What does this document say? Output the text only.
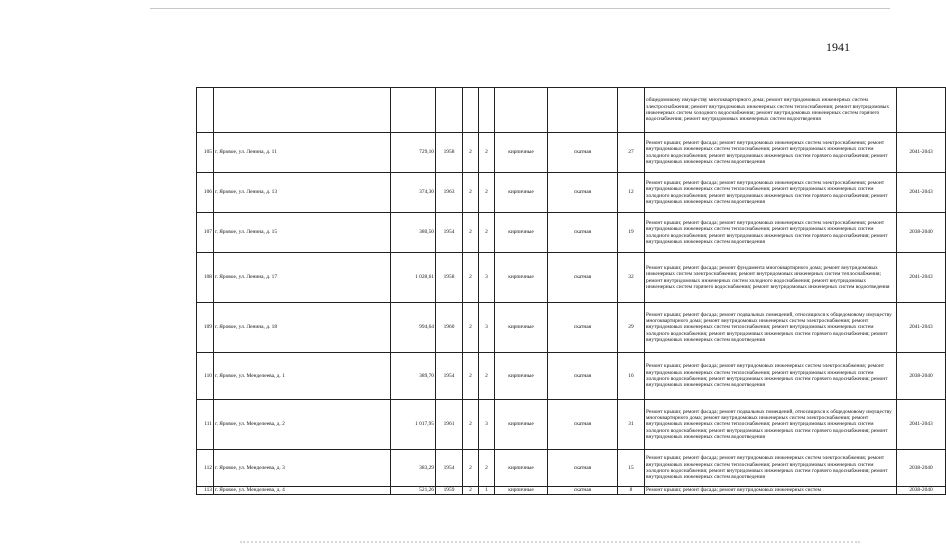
1941
									общедомовому имуществу многоквартирного дома; ремонт внутридомовых инженерных систем электроснабжения; ремонт внутридомовых инженерных систем теплоснабжения; ремонт внутридомовых инженерных систем холодного водоснабжения; ремонт внутридомовых инженерных систем горячего водоснабжения; ремонт внутридомовых инженерных систем водоотведения	
105	г. Яровое, ул. Ленина, д. 11	729,10	1958	2	2	кирпичные	скатная	27	Ремонт крыши; ремонт фасада; ремонт внутридомовых инженерных систем электроснабжения; ремонт внутридомовых инженерных систем теплоснабжения; ремонт внутридомовых инженерных систем холодного водоснабжения; ремонт внутридомовых инженерных систем горячего водоснабжения; ремонт внутридомовых инженерных систем водоотведения	2041-2043
106	г. Яровое, ул. Ленина, д. 13	374,30	1963	2	2	кирпичные	скатная	12	Ремонт крыши; ремонт фасада; ремонт внутридомовых инженерных систем электроснабжения; ремонт внутридомовых инженерных систем теплоснабжения; ремонт внутридомовых инженерных систем холодного водоснабжения; ремонт внутридомовых инженерных систем горячего водоснабжения; ремонт внутридомовых инженерных систем водоотведения	2041-2043
107	г. Яровое, ул. Ленина, д. 15	380,50	1954	2	2	кирпичные	скатная	19	Ремонт крыши; ремонт фасада; ремонт внутридомовых инженерных систем электроснабжения; ремонт внутридомовых инженерных систем теплоснабжения; ремонт внутридомовых инженерных систем холодного водоснабжения; ремонт внутридомовых инженерных систем горячего водоснабжения; ремонт внутридомовых инженерных систем водоотведения	2038-2040
108	г. Яровое, ул. Ленина, д. 17	1 028,61	1958	2	3	кирпичные	скатная	32	Ремонт крыши; ремонт фасада; ремонт фундамента многоквартирного дома; ремонт внутридомовых инженерных систем электроснабжения; ремонт внутридомовых инженерных систем теплоснабжения; ремонт внутридомовых инженерных систем холодного водоснабжения; ремонт внутридомовых инженерных систем горячего водоснабжения; ремонт внутридомовых инженерных систем водоотведения	2041-2043
109	г. Яровое, ул. Ленина, д. 18	994,64	1960	2	3	кирпичные	скатная	29	Ремонт крыши; ремонт фасада; ремонт подвальных помещений, относящихся к общедомовому имуществу многоквартирного дома; ремонт внутридомовых инженерных систем электроснабжения; ремонт внутридомовых инженерных систем теплоснабжения; ремонт внутридомовых инженерных систем холодного водоснабжения; ремонт внутридомовых инженерных систем горячего водоснабжения; ремонт внутридомовых инженерных систем водоотведения	2041-2043
110	г. Яровое, ул. Менделеева, д. 1	389,70	1954	2	2	кирпичные	скатная	16	Ремонт крыши; ремонт фасада; ремонт внутридомовых инженерных систем электроснабжения; ремонт внутридомовых инженерных систем теплоснабжения; ремонт внутридомовых инженерных систем холодного водоснабжения; ремонт внутридомовых инженерных систем горячего водоснабжения; ремонт внутридомовых инженерных систем водоотведения	2038-2040
111	г. Яровое, ул. Менделеева, д. 2	1 017,95	1961	2	3	кирпичные	скатная	31	Ремонт крыши; ремонт фасада; ремонт подвальных помещений, относящихся к общедомовому имуществу многоквартирного дома; ремонт внутридомовых инженерных систем электроснабжения; ремонт внутридомовых инженерных систем теплоснабжения; ремонт внутридомовых инженерных систем холодного водоснабжения; ремонт внутридомовых инженерных систем горячего водоснабжения; ремонт внутридомовых инженерных систем водоотведения	2041-2043
112	г. Яровое, ул. Менделеева, д. 3	383,29	1954	2	2	кирпичные	скатная	15	Ремонт крыши; ремонт фасада; ремонт внутридомовых инженерных систем электроснабжения; ремонт внутридомовых инженерных систем теплоснабжения; ремонт внутридомовых инженерных систем холодного водоснабжения; ремонт внутридомовых инженерных систем горячего водоснабжения; ремонт внутридомовых инженерных систем водоотведения	2038-2040
113	г. Яровое, ул. Менделеева, д. 4	521,26	1959	2	1	кирпичные	скатная	8	Ремонт крыши; ремонт фасада; ремонт внутридомовых инженерных систем	2038-2040
